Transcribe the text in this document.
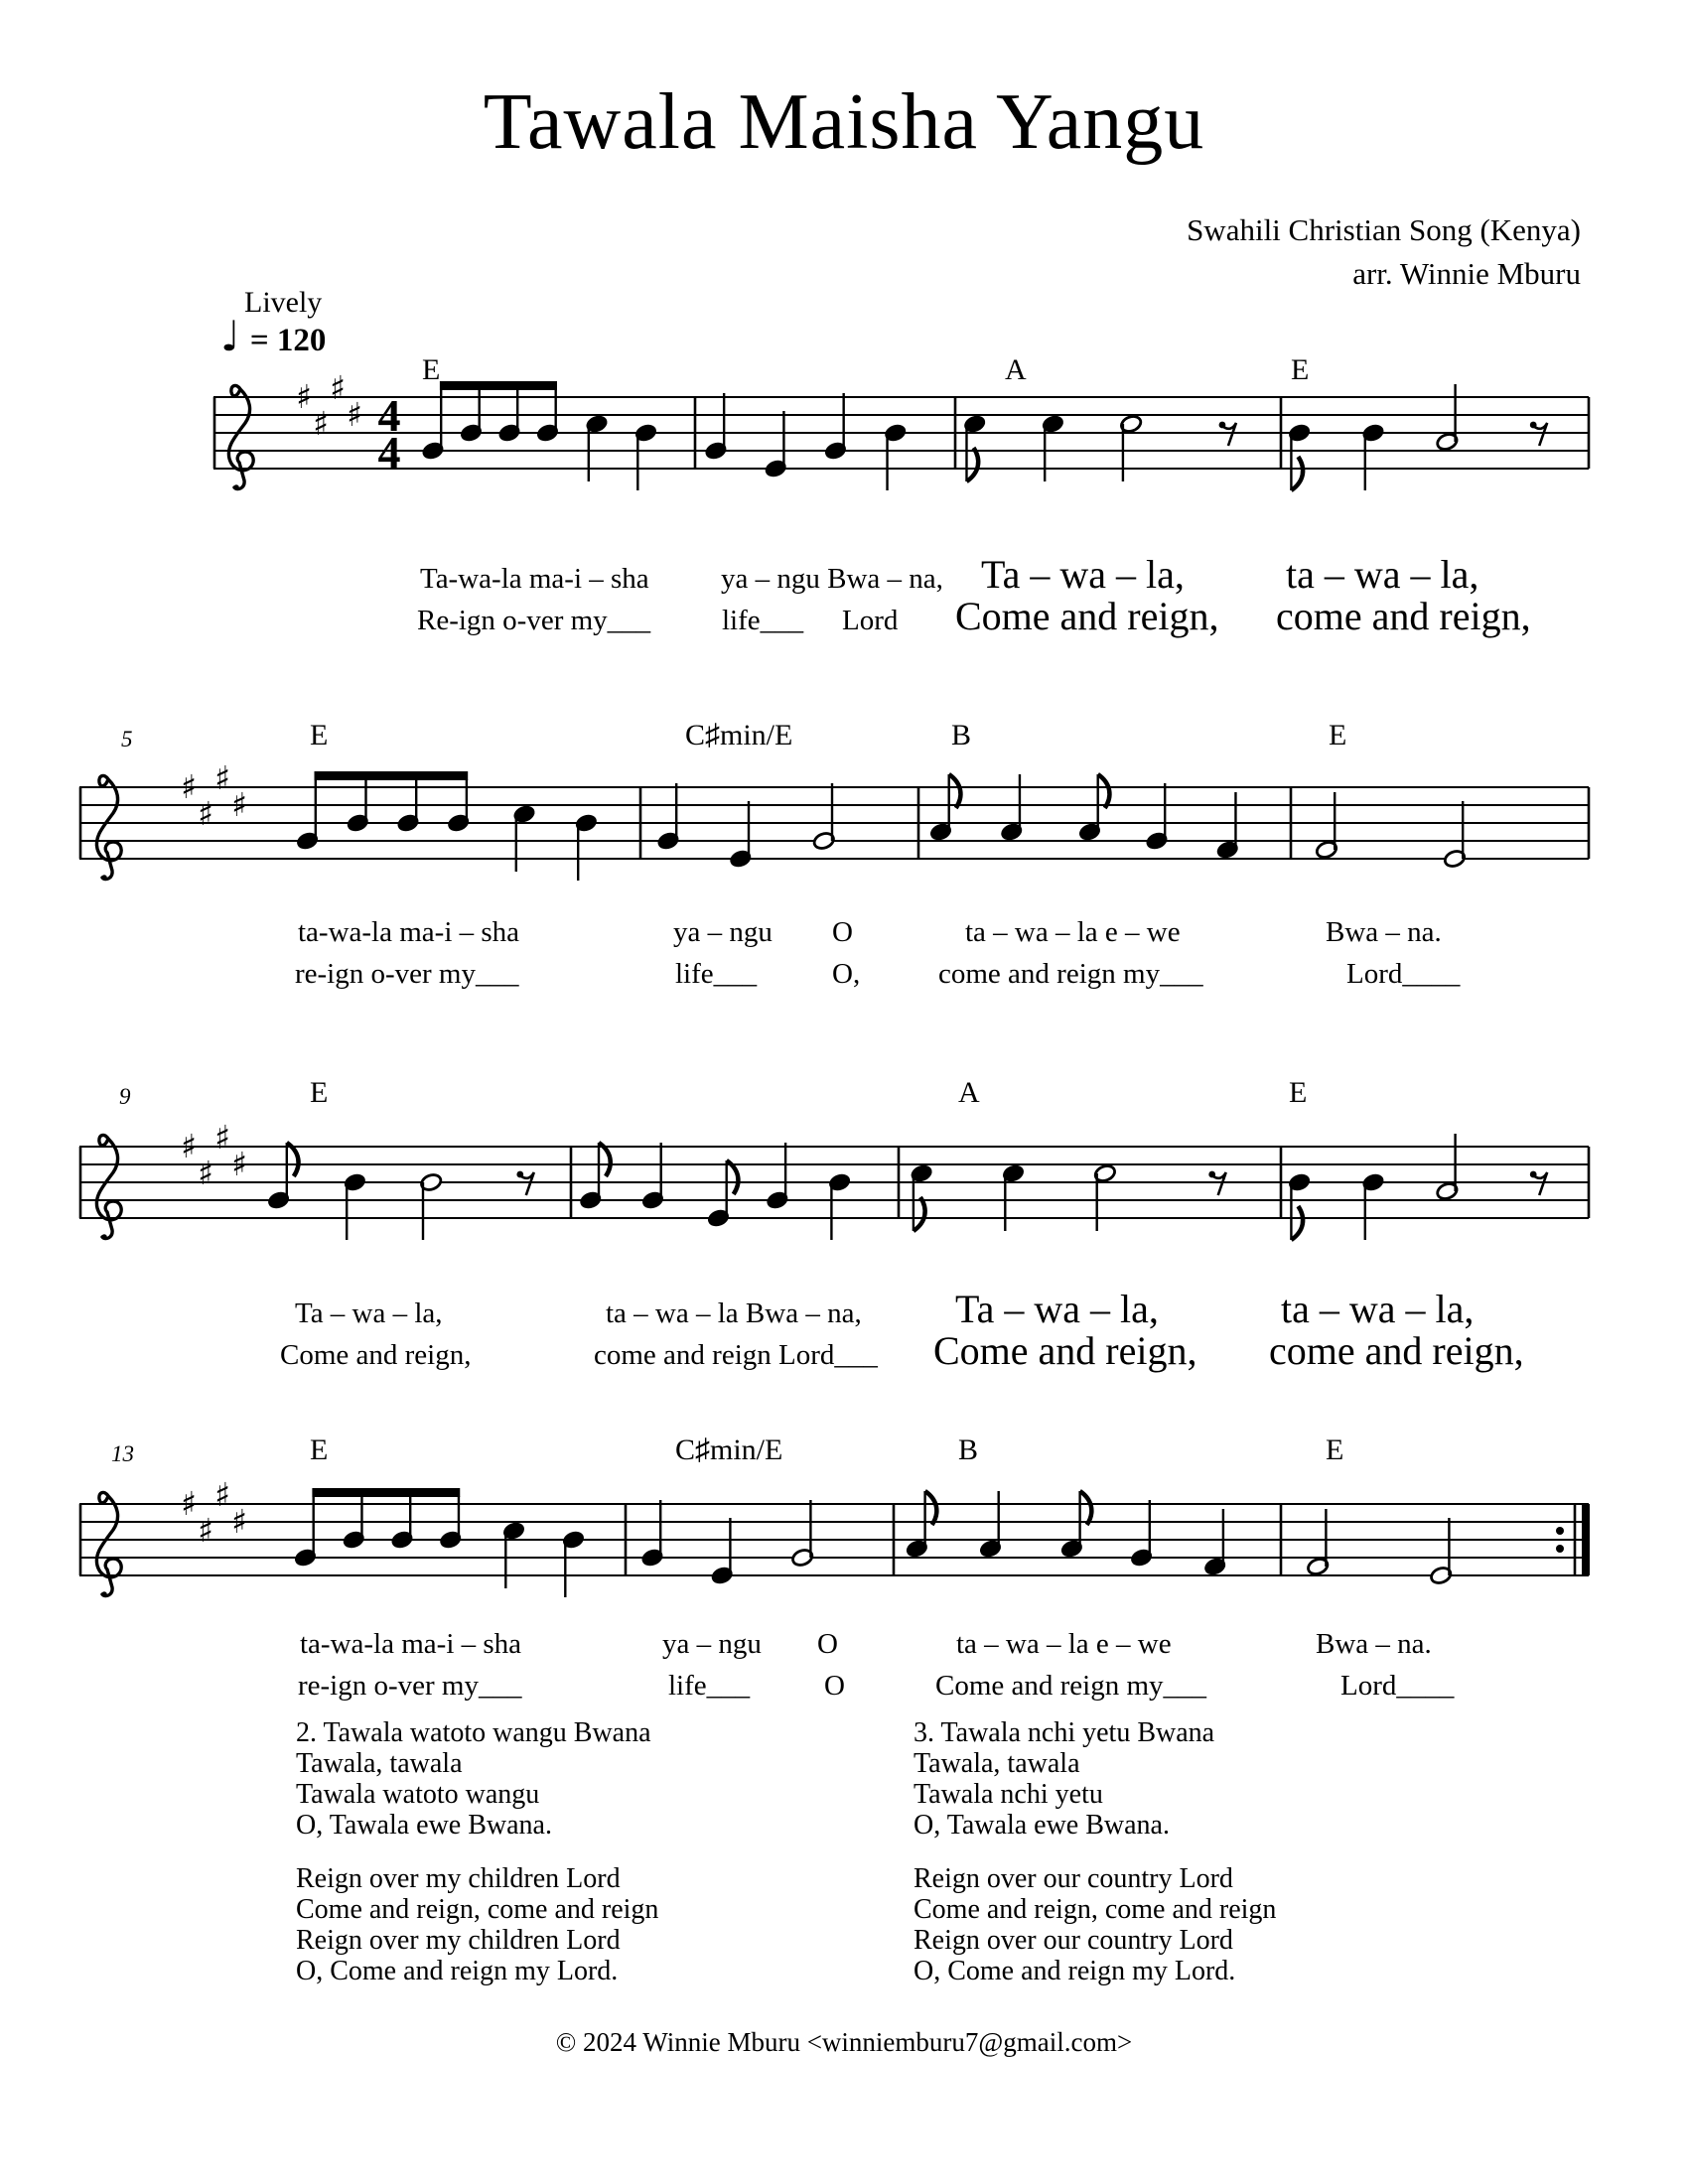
Tawala Maisha Yangu
Swahili Christian Song (Kenya)
arr. Winnie Mburu
Lively
♩ = 120
♯
♯
♯
♯ 4
4
E	A	E
Ta-wa-la ma-i – sha ya – ngu Bwa – na, Ta – wa – la,	ta – wa – la,
Re-ign o-ver my___ life___ Lord Come and reign, come and reign,
♯
♯
♯
♯
5	E	C♯min/E	B	E
ta-wa-la ma-i – sha	ya – ngu O	ta – wa – la e – we	Bwa – na.
re-ign o-ver my___	life___	O,	come and reign my___	Lord____
♯
♯
♯
♯
9	E	A	E
Ta – wa – la,	ta – wa – la Bwa – na, Ta – wa – la,	ta – wa – la,
Come and reign,	come and reign Lord___ Come and reign, come and reign,
♯
♯
♯
♯
13	E	C♯min/E	B	E
ta-wa-la ma-i – sha	ya – ngu O	ta – wa – la e – we	Bwa – na.
re-ign o-ver my___	life___	O	Come and reign my___	Lord____

2. Tawala watoto wangu Bwana

Tawala, tawala

Tawala watoto wangu

O, Tawala ewe Bwana.

Reign over my children Lord

Come and reign, come and reign

Reign over my children Lord

O, Come and reign my Lord.

3. Tawala nchi yetu Bwana

Tawala, tawala

Tawala nchi yetu

O, Tawala ewe Bwana.

Reign over our country Lord

Come and reign, come and reign

Reign over our country Lord

O, Come and reign my Lord.

© 2024 Winnie Mburu <winniemburu7@gmail.com>
